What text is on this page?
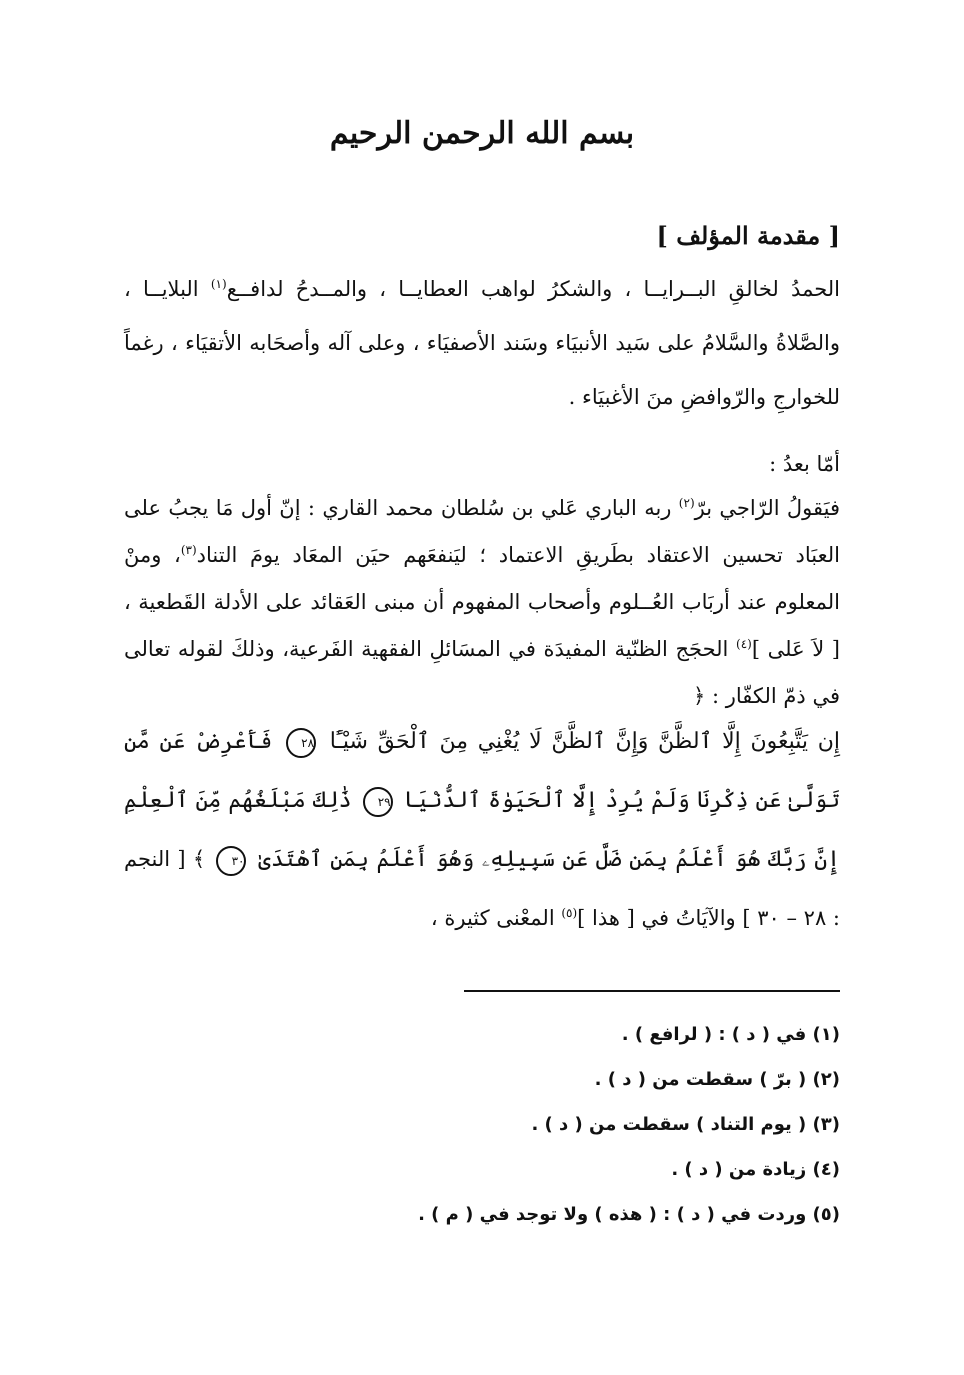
بسم الله الرحمن الرحيم
[ مقدمة المؤلف ]
الحمدُ لخالقِ البــرايــا ، والشكرُ لواهب العطايــا ، والمــدحُ لدافــع$^{(١)}$ البلايــا ، والصَّلاةُ والسَّلامُ على سَيد الأنبيَاء وسَند الأصفيَاء ، وعلى آله وأصحَابه الأتقيَاء ، رغماً للخوارجِ والرّوافضِ منَ الأغبيَاء .
أمّا بعدُ :
فيَقولُ الرّاجي برّ$^{(٢)}$ ربه الباري عَلي بن سُلطان محمد القاري : إنّ أول مَا يجبُ على العبَاد تحسين الاعتقاد بطَريقِ الاعتماد ؛ ليَنفعَهم حيَن المعَاد يومَ التناد$^{(٣)}$، ومنْ المعلوم عند أربَاب العُــلوم وأصحاب المفهوم أن مبنى العَقائد على الأدلة القَطعية ، [ لاَ عَلى ]$^{(٤)}$ الحجَج الظنّية المفيدَة في المسَائلِ الفقهية الفَرعية، وذلكَ لقوله تعالى في ذمّ الكفّار : ﴿
إِن يَتَّبِعُونَ إِلَّا ٱلظَّنَّ وَإِنَّ ٱلظَّنَّ لَا يُغْنِي مِنَ ٱلْحَقِّ شَيْـًٔا ٢٨ فَأَعْرِضْ عَن مَّن تَوَلَّىٰ عَن ذِكْرِنَا وَلَمْ يُرِدْ إِلَّا ٱلْحَيَوٰةَ ٱلدُّنْيَا ٢٩ ذَٰلِكَ مَبْلَغُهُم مِّنَ ٱلْعِلْمِ إِنَّ رَبَّكَ هُوَ أَعْلَمُ بِمَن ضَلَّ عَن سَبِيلِهِۦ وَهُوَ أَعْلَمُ بِمَنِ ٱهْتَدَىٰ ٣٠ ﴾ [ النجم : ٢٨ – ٣٠ ] والآيَاتُ في [ هذا ]$^{(٥)}$ المعْنى كثيرة ،
(١) في ( د ) : ( لرافع ) .
(٢) ( برّ ) سقطت من ( د ) .
(٣) ( يوم التناد ) سقطت من ( د ) .
(٤) زيادة من ( د ) .
(٥) وردت في ( د ) : ( هذه ) ولا توجد في ( م ) .
